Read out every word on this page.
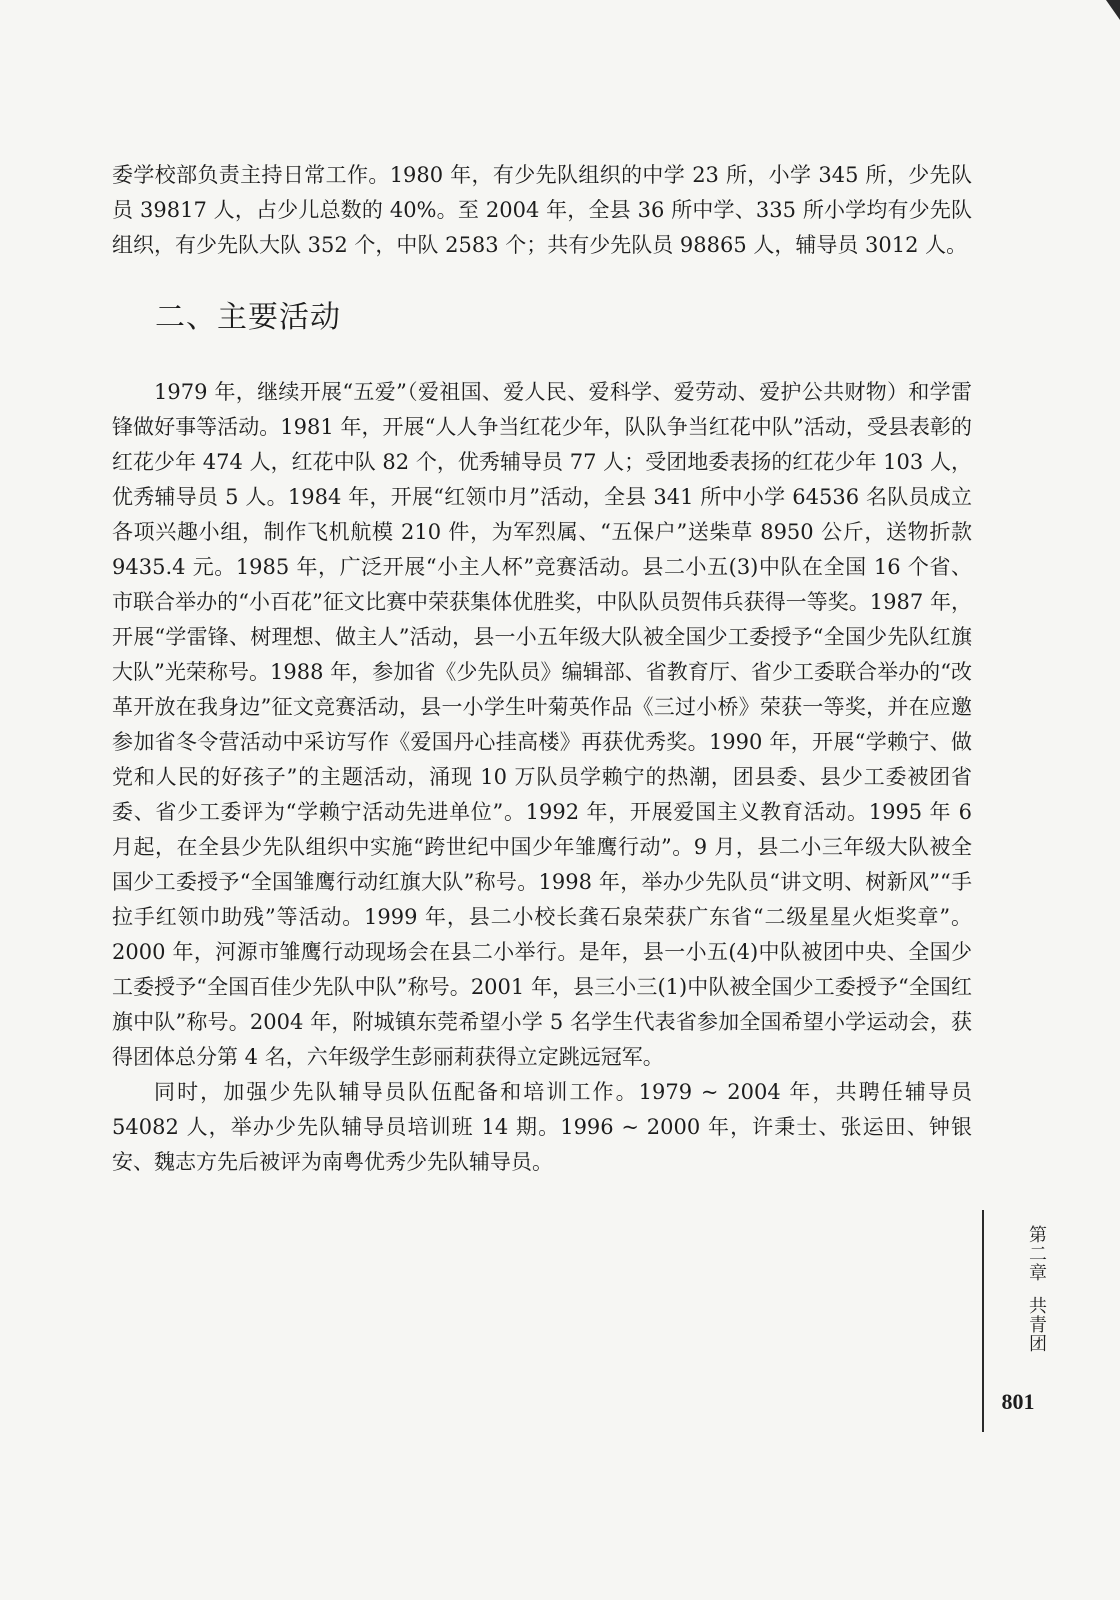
委学校部负责主持日常工作。1980 年，有少先队组织的中学 23 所，小学 345 所，少先队员 39817 人，占少儿总数的 40%。至 2004 年，全县 36 所中学、335 所小学均有少先队组织，有少先队大队 352 个，中队 2583 个；共有少先队员 98865 人，辅导员 3012 人。

二、主要活动

1979 年，继续开展“五爱”（爱祖国、爱人民、爱科学、爱劳动、爱护公共财物）和学雷锋做好事等活动。1981 年，开展“人人争当红花少年，队队争当红花中队”活动，受县表彰的红花少年 474 人，红花中队 82 个，优秀辅导员 77 人；受团地委表扬的红花少年 103 人，优秀辅导员 5 人。1984 年，开展“红领巾月”活动，全县 341 所中小学 64536 名队员成立各项兴趣小组，制作飞机航模 210 件，为军烈属、“五保户”送柴草 8950 公斤，送物折款 9435.4 元。1985 年，广泛开展“小主人杯”竞赛活动。县二小五(3)中队在全国 16 个省、市联合举办的“小百花”征文比赛中荣获集体优胜奖，中队队员贺伟兵获得一等奖。1987 年，开展“学雷锋、树理想、做主人”活动，县一小五年级大队被全国少工委授予“全国少先队红旗大队”光荣称号。1988 年，参加省《少先队员》编辑部、省教育厅、省少工委联合举办的“改革开放在我身边”征文竞赛活动，县一小学生叶菊英作品《三过小桥》荣获一等奖，并在应邀参加省冬令营活动中采访写作《爱国丹心挂高楼》再获优秀奖。1990 年，开展“学赖宁、做党和人民的好孩子”的主题活动，涌现 10 万队员学赖宁的热潮，团县委、县少工委被团省委、省少工委评为“学赖宁活动先进单位”。1992 年，开展爱国主义教育活动。1995 年 6 月起，在全县少先队组织中实施“跨世纪中国少年雏鹰行动”。9 月，县二小三年级大队被全国少工委授予“全国雏鹰行动红旗大队”称号。1998 年，举办少先队员“讲文明、树新风”“手拉手红领巾助残”等活动。1999 年，县二小校长龚石泉荣获广东省“二级星星火炬奖章”。2000 年，河源市雏鹰行动现场会在县二小举行。是年，县一小五(4)中队被团中央、全国少工委授予“全国百佳少先队中队”称号。2001 年，县三小三(1)中队被全国少工委授予“全国红旗中队”称号。2004 年，附城镇东莞希望小学 5 名学生代表省参加全国希望小学运动会，获得团体总分第 4 名，六年级学生彭丽莉获得立定跳远冠军。

同时，加强少先队辅导员队伍配备和培训工作。1979 ~ 2004 年，共聘任辅导员 54082 人，举办少先队辅导员培训班 14 期。1996 ~ 2000 年，许秉士、张运田、钟银安、魏志方先后被评为南粤优秀少先队辅导员。

第二章共青团
801
